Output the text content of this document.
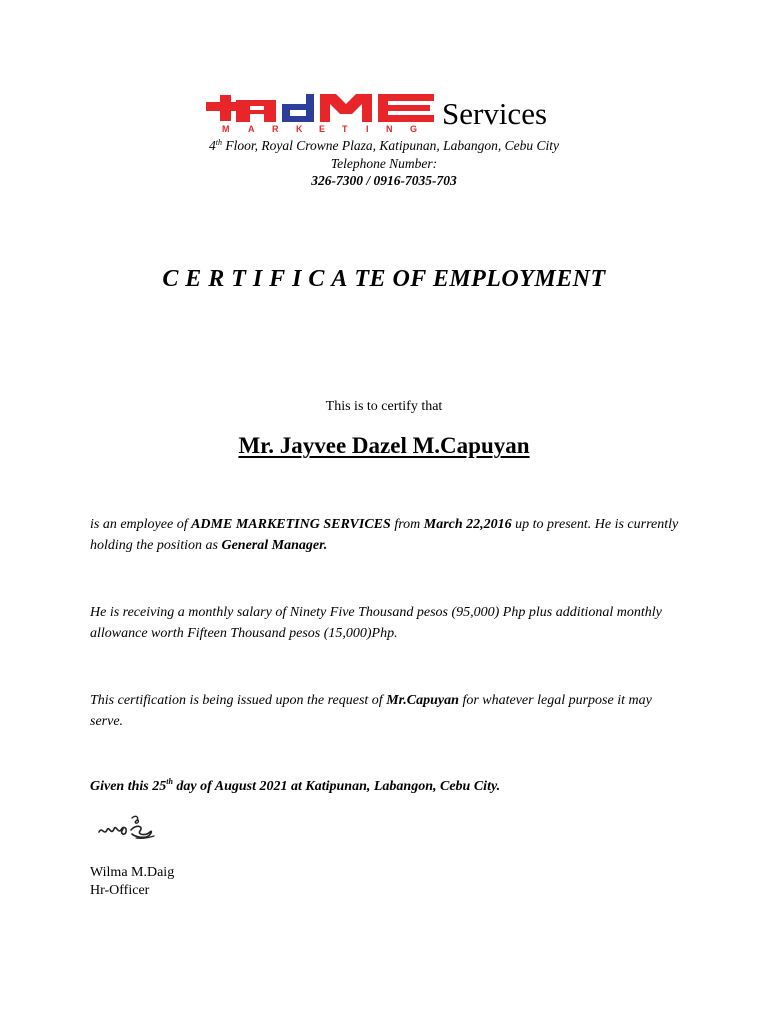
M A R K E T I N G Services
4th Floor, Royal Crowne Plaza, Katipunan, Labangon, Cebu City
Telephone Number:
326-7300 / 0916-7035-703
CERTIFICATE OF EMPLOYMENT
This is to certify that
Mr. Jayvee Dazel M.Capuyan
is an employee of ADME MARKETING SERVICES from March 22,2016 up to present. He is currently holding the position as General Manager.
He is receiving a monthly salary of Ninety Five Thousand pesos (95,000) Php plus additional monthly allowance worth Fifteen Thousand pesos (15,000)Php.
This certification is being issued upon the request of Mr.Capuyan for whatever legal purpose it may serve.
Given this 25th day of August 2021 at Katipunan, Labangon, Cebu City.
Wilma M.Daig
Hr-Officer
